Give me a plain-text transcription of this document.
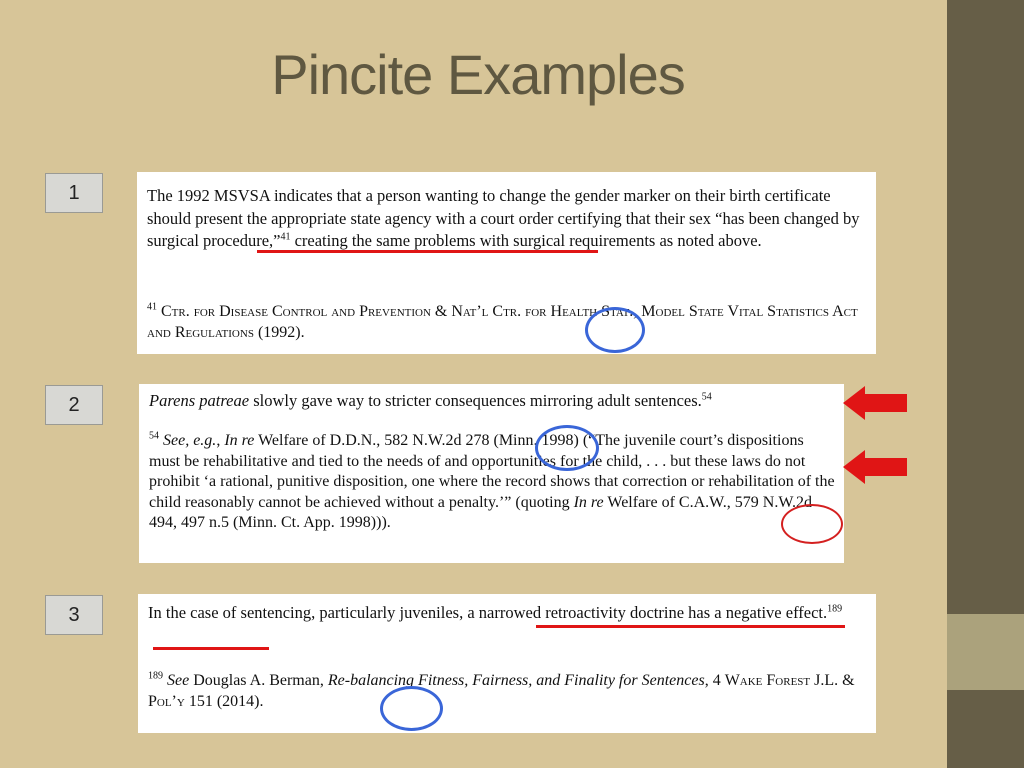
Pincite Examples
1	The 1992 MSVSA indicates that a person wanting to change the gender marker on their birth certificate should present the appropriate state agency with a court order certifying that their sex “has been changed by surgical procedure,”$^{41}$ creating the same problems with surgical requirements as noted above.
$^{41}$ Ctr. for Disease Control and Prevention & Nat’l Ctr. for Health Stat., Model State Vital Statistics Act and Regulations (1992).
2	Parens patreae slowly gave way to stricter consequences mirroring adult sentences.$^{54}$
$^{54}$ See, e.g., In re Welfare of D.D.N., 582 N.W.2d 278 (Minn. 1998) (“The juvenile court’s dispositions must be rehabilitative and tied to the needs of and opportunities for the child, . . . but these laws do not prohibit ‘a rational, punitive disposition, one where the record shows that correction or rehabilitation of the child reasonably cannot be achieved without a penalty.’” (quoting In re Welfare of C.A.W., 579 N.W.2d 494, 497 n.5 (Minn. Ct. App. 1998))).
3	In the case of sentencing, particularly juveniles, a narrowed retroactivity doctrine has a negative effect.$^{189}$
$^{189}$ See Douglas A. Berman, Re-balancing Fitness, Fairness, and Finality for Sentences, 4 Wake Forest J.L. & Pol’y 151 (2014).
